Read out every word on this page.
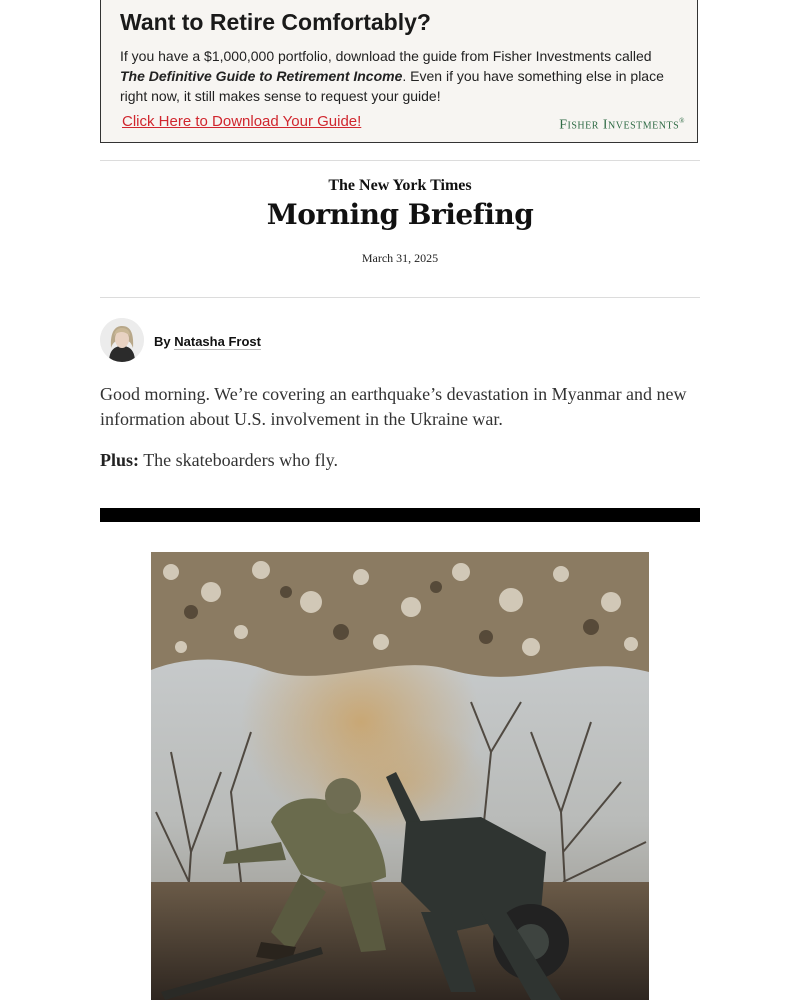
Want to Retire Comfortably?
If you have a $1,000,000 portfolio, download the guide from Fisher Investments called The Definitive Guide to Retirement Income. Even if you have something else in place right now, it still makes sense to request your guide!
Click Here to Download Your Guide!	Fisher Investments®
The New York Times
Morning Briefing
March 31, 2025
By Natasha Frost
Good morning. We’re covering an earthquake’s devastation in Myanmar and new information about U.S. involvement in the Ukraine war.
Plus: The skateboarders who fly.
